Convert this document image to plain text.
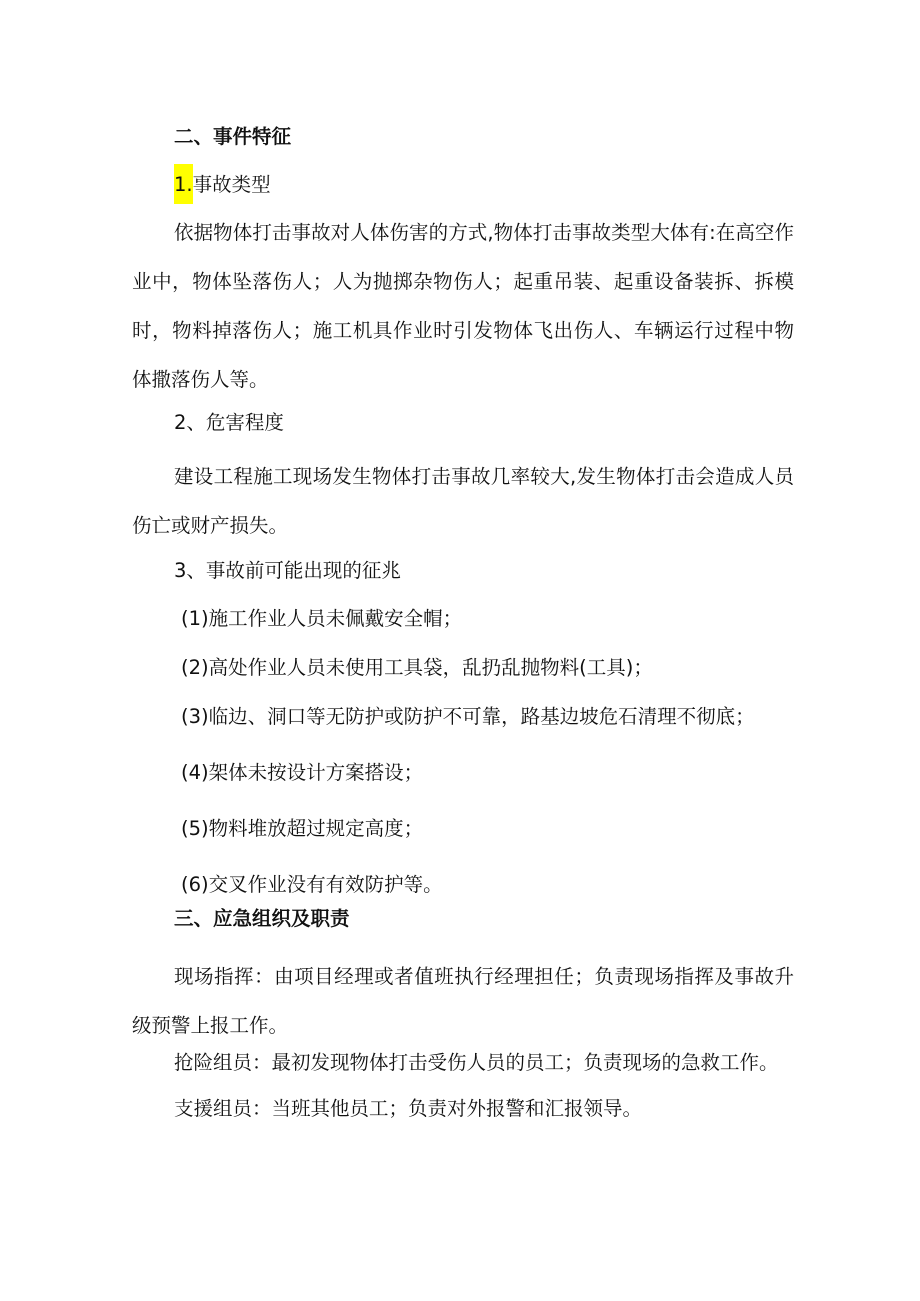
二、事件特征
1.事故类型
依据物体打击事故对人体伤害的方式,物体打击事故类型大体有:在高空作业中，物体坠落伤人；人为抛掷杂物伤人；起重吊装、起重设备装拆、拆模时，物料掉落伤人；施工机具作业时引发物体飞出伤人、车辆运行过程中物体撒落伤人等。
2、危害程度
建设工程施工现场发生物体打击事故几率较大,发生物体打击会造成人员伤亡或财产损失。
3、事故前可能出现的征兆
(1)施工作业人员未佩戴安全帽；
(2)高处作业人员未使用工具袋，乱扔乱抛物料(工具)；
(3)临边、洞口等无防护或防护不可靠，路基边坡危石清理不彻底；
(4)架体未按设计方案搭设；
(5)物料堆放超过规定高度；
(6)交叉作业没有有效防护等。
三、应急组织及职责
现场指挥：由项目经理或者值班执行经理担任；负责现场指挥及事故升级预警上报工作。
抢险组员：最初发现物体打击受伤人员的员工；负责现场的急救工作。
支援组员：当班其他员工；负责对外报警和汇报领导。
